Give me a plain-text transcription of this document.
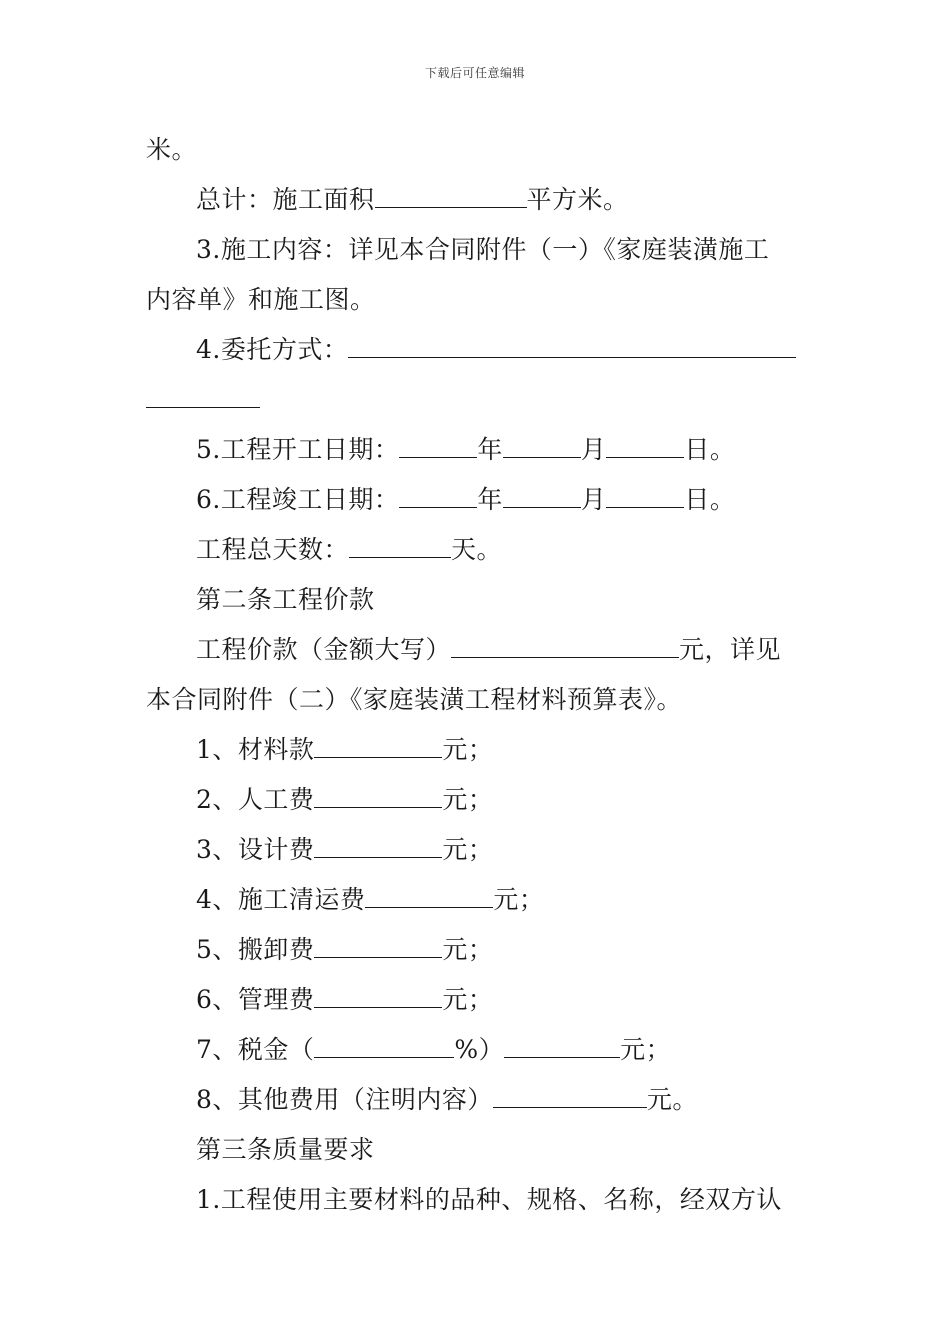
下载后可任意编辑
米。
总计：施工面积	平方米。
3.施工内容：详见本合同附件（一）《家庭装潢施工
内容单》和施工图。
4.委托方式：
5.工程开工日期：	年	月	日。
6.工程竣工日期：	年	月	日。
工程总天数：	天。
第二条工程价款
工程价款（金额大写）	元，详见
本合同附件（二）《家庭装潢工程材料预算表》。
1、材料款	元；
2、人工费	元；
3、设计费	元；
4、施工清运费	元；
5、搬卸费	元；
6、管理费	元；
7、税金（	%）	元；
8、其他费用（注明内容）	元。
第三条质量要求
1.工程使用主要材料的品种、规格、名称，经双方认
